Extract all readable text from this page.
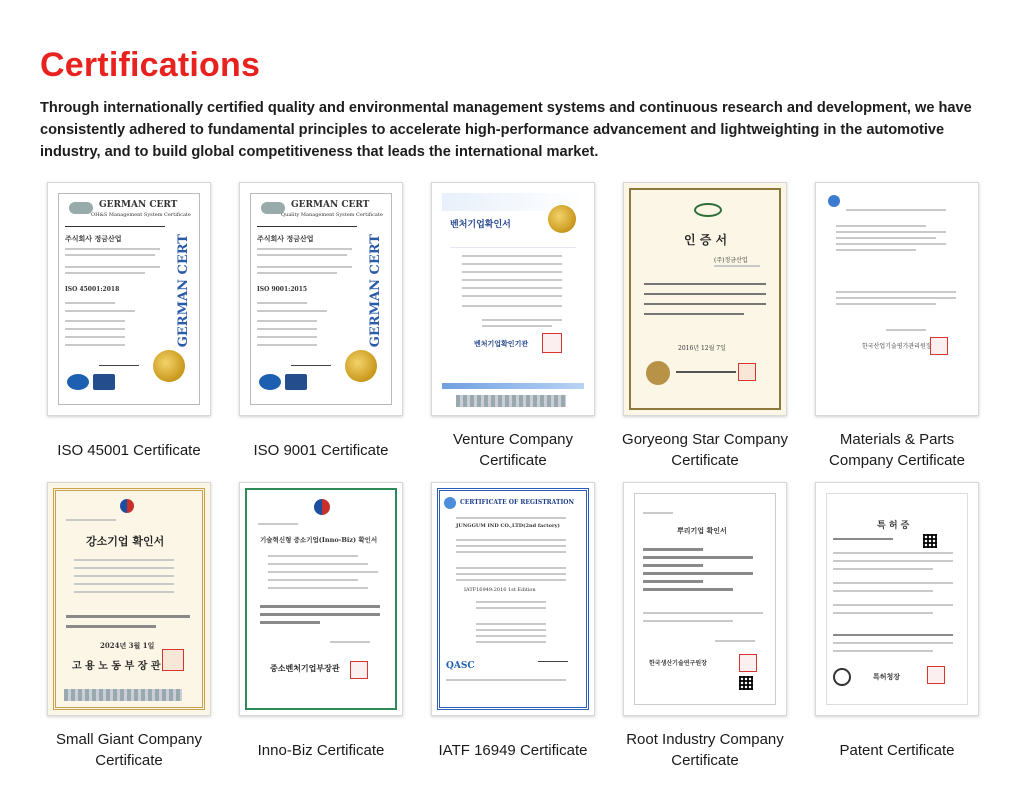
Certifications

Through internationally certified quality and environmental management systems and continuous research and development, we have consistently adhered to fundamental principles to accelerate high-performance advancement and lightweighting in the automotive industry, and to build global competitiveness that leads the international market.

GERMAN CERT
OH&S Management System Certificate
주식회사 정금산업
ISO 45001:2018	GERMAN CERT
ISO 45001 Certificate
GERMAN CERT
Quality Management System Certificate
주식회사 정금산업
ISO 9001:2015	GERMAN CERT
ISO 9001 Certificate
벤처기업확인서
벤처기업확인기관
Venture Company Certificate
인 증 서
(주)정금산업
2016년 12월 7일
Goryeong Star Company Certificate
한국산업기술평가관리원장
Materials & Parts Company Certificate
강소기업 확인서
2024년 3월 1일
고 용 노 동 부 장 관
Small Giant Company Certificate
기술혁신형 중소기업(Inno-Biz) 확인서
중소벤처기업부장관
Inno-Biz Certificate
CERTIFICATE OF REGISTRATION
JUNGGUM IND CO.,LTD(2nd factory)
IATF16949:2016 1st Edition
QASC
IATF 16949 Certificate
뿌리기업 확인서
한국생산기술연구원장
Root Industry Company Certificate
특 허 증
특허청장
Patent Certificate
